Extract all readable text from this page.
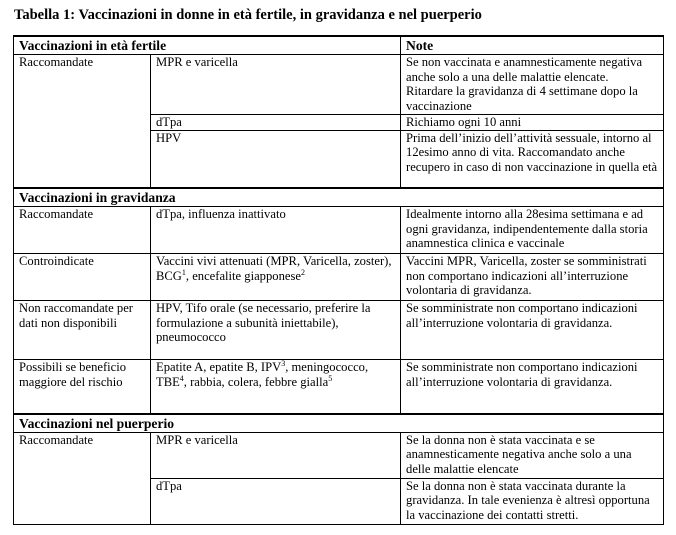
Tabella 1: Vaccinazioni in donne in età fertile, in gravidanza e nel puerperio
Vaccinazioni in età fertile		Note
Raccomandate	MPR e varicella	Se non vaccinata e anamnesticamente negativa anche solo a una delle malattie elencate. Ritardare la gravidanza di 4 settimane dopo la vaccinazione
	dTpa	Richiamo ogni 10 anni
	HPV	Prima dell’inizio dell’attività sessuale, intorno al 12esimo anno di vita. Raccomandato anche recupero in caso di non vaccinazione in quella età
Vaccinazioni in gravidanza		
Raccomandate	dTpa, influenza inattivato	Idealmente intorno alla 28esima settimana e ad ogni gravidanza, indipendentemente dalla storia anamnestica clinica e vaccinale
Controindicate	Vaccini vivi attenuati (MPR, Varicella, zoster), BCG$^1$, encefalite giapponese$^2$	Vaccini MPR, Varicella, zoster se somministrati non comportano indicazioni all’interruzione volontaria di gravidanza.
Non raccomandate per dati non disponibili	HPV, Tifo orale (se necessario, preferire la formulazione a subunità iniettabile), pneumococco	Se somministrate non comportano indicazioni all’interruzione volontaria di gravidanza.
Possibili se beneficio maggiore del rischio	Epatite A, epatite B, IPV$^3$, meningococco, TBE$^4$, rabbia, colera, febbre gialla$^5$	Se somministrate non comportano indicazioni all’interruzione volontaria di gravidanza.
Vaccinazioni nel puerperio		
Raccomandate	MPR e varicella	Se la donna non è stata vaccinata e se anamnesticamente negativa anche solo a una delle malattie elencate
	dTpa	Se la donna non è stata vaccinata durante la gravidanza. In tale evenienza è altresì opportuna la vaccinazione dei contatti stretti.
